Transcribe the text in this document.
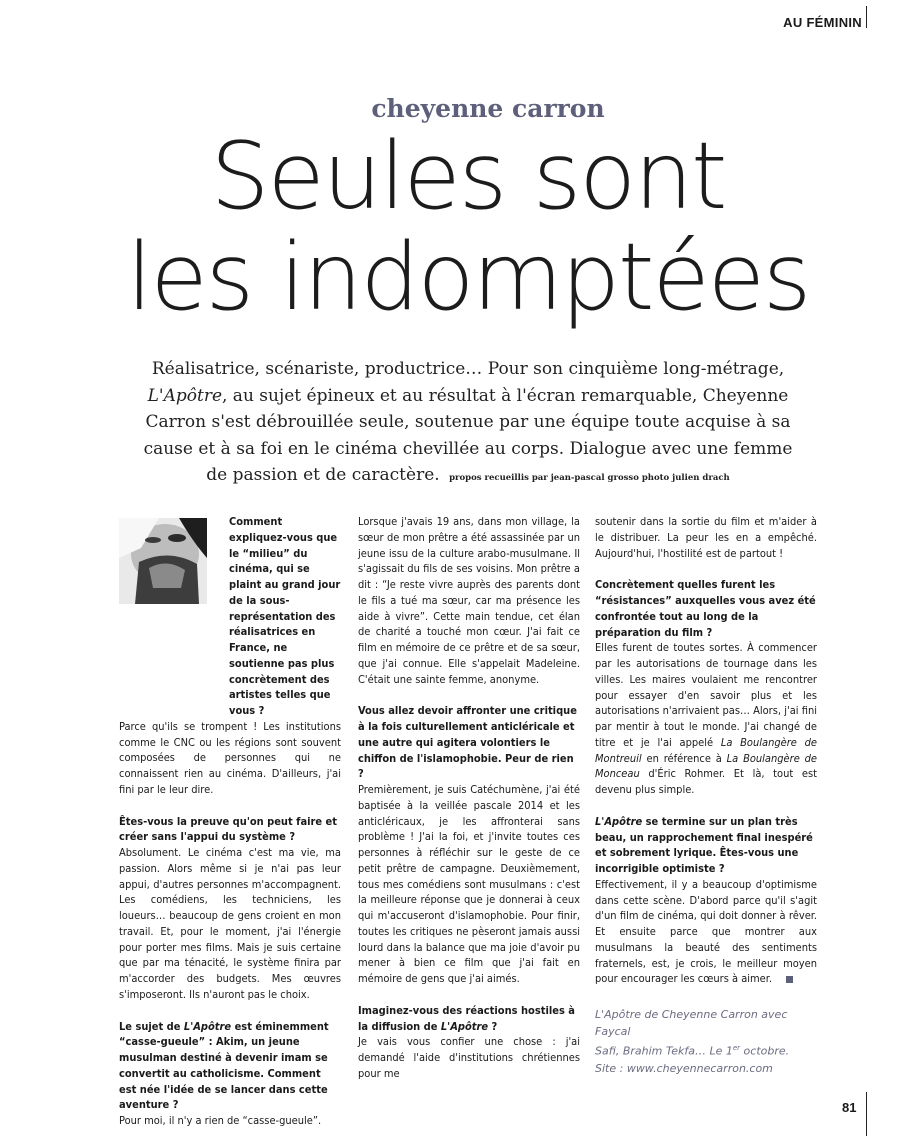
AU FÉMININ
cheyenne carron
Seules sont
les indomptées
Réalisatrice, scénariste, productrice… Pour son cinquième long-métrage, L'Apôtre, au sujet épineux et au résultat à l'écran remarquable, Cheyenne Carron s'est débrouillée seule, soutenue par une équipe toute acquise à sa cause et à sa foi en le cinéma chevillée au corps. Dialogue avec une femme de passion et de caractère. propos recueillis par jean-pascal grosso photo julien drach
Comment expliquez-vous que le “milieu” du cinéma, qui se plaint au grand jour de la sous-représentation des réalisatrices en France, ne soutienne pas plus concrètement des artistes telles que vous ?

Parce qu'ils se trompent ! Les institutions comme le CNC ou les régions sont souvent composées de personnes qui ne connaissent rien au cinéma. D'ailleurs, j'ai fini par le leur dire.

Êtes-vous la preuve qu'on peut faire et créer sans l'appui du système ?

Absolument. Le cinéma c'est ma vie, ma passion. Alors même si je n'ai pas leur appui, d'autres personnes m'accompagnent. Les comédiens, les techniciens, les loueurs… beaucoup de gens croient en mon travail. Et, pour le moment, j'ai l'énergie pour porter mes films. Mais je suis certaine que par ma ténacité, le système finira par m'accorder des budgets. Mes œuvres s'imposeront. Ils n'auront pas le choix.

Le sujet de L'Apôtre est éminemment “casse-gueule” : Akim, un jeune musulman destiné à devenir imam se convertit au catholicisme. Comment est née l'idée de se lancer dans cette aventure ?
Pour moi, il n'y a rien de “casse-gueule”.

Lorsque j'avais 19 ans, dans mon village, la sœur de mon prêtre a été assassinée par un jeune issu de la culture arabo-musulmane. Il s'agissait du fils de ses voisins. Mon prêtre a dit : “Je reste vivre auprès des parents dont le fils a tué ma sœur, car ma présence les aide à vivre”. Cette main tendue, cet élan de charité a touché mon cœur. J'ai fait ce film en mémoire de ce prêtre et de sa sœur, que j'ai connue. Elle s'appelait Madeleine. C'était une sainte femme, anonyme.

Vous allez devoir affronter une critique à la fois culturellement anticléricale et une autre qui agitera volontiers le chiffon de l'islamophobie. Peur de rien ?

Premièrement, je suis Catéchumène, j'ai été baptisée à la veillée pascale 2014 et les anticléricaux, je les affronterai sans problème ! J'ai la foi, et j'invite toutes ces personnes à réfléchir sur le geste de ce petit prêtre de campagne. Deuxièmement, tous mes comédiens sont musulmans : c'est la meilleure réponse que je donnerai à ceux qui m'accuseront d'islamophobie. Pour finir, toutes les critiques ne pèseront jamais aussi lourd dans la balance que ma joie d'avoir pu mener à bien ce film que j'ai fait en mémoire de gens que j'ai aimés.

Imaginez-vous des réactions hostiles à la diffusion de L'Apôtre ?
Je vais vous confier une chose : j'ai demandé l'aide d'institutions chrétiennes pour me

soutenir dans la sortie du film et m'aider à le distribuer. La peur les en a empêché. Aujourd'hui, l'hostilité est de partout !

Concrètement quelles furent les “résistances” auxquelles vous avez été confrontée tout au long de la préparation du film ?

Elles furent de toutes sortes. À commencer par les autorisations de tournage dans les villes. Les maires voulaient me rencontrer pour essayer d'en savoir plus et les autorisations n'arrivaient pas… Alors, j'ai fini par mentir à tout le monde. J'ai changé de titre et je l'ai appelé La Boulangère de Montreuil en référence à La Boulangère de Monceau d'Éric Rohmer. Et là, tout est devenu plus simple.

L'Apôtre se termine sur un plan très beau, un rapprochement final inespéré et sobrement lyrique. Êtes-vous une incorrigible optimiste ?
Effectivement, il y a beaucoup d'optimisme dans cette scène. D'abord parce qu'il s'agit d'un film de cinéma, qui doit donner à rêver. Et ensuite parce que montrer aux musulmans la beauté des sentiments fraternels, est, je crois, le meilleur moyen pour encourager les cœurs à aimer.
L'Apôtre de Cheyenne Carron avec Faycal
Safi, Brahim Tekfa… Le 1er octobre.
Site : www.cheyennecarron.com
81
